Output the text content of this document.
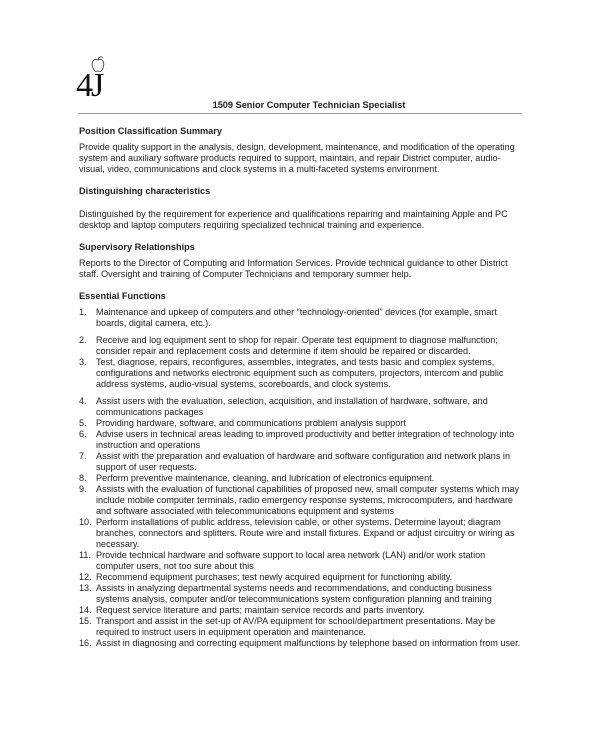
4J
1509 Senior Computer Technician Specialist
Position Classification Summary

Provide quality support in the analysis, design, development, maintenance, and modification of the operating system and auxiliary software products required to support, maintain, and repair District computer, audio-visual, video, communications and clock systems in a multi-faceted systems environment.

Distinguishing characteristics

Distinguished by the requirement for experience and qualifications repairing and maintaining Apple and PC desktop and laptop computers requiring specialized technical training and experience.

Supervisory Relationships

Reports to the Director of Computing and Information Services. Provide technical guidance to other District staff. Oversight and training of Computer Technicians and temporary summer help.

Essential Functions
1.	Maintenance and upkeep of computers and other “technology-oriented” devices (for example, smart boards, digital camera, etc.).
2.	Receive and log equipment sent to shop for repair. Operate test equipment to diagnose malfunction; consider repair and replacement costs and determine if item should be repaired or discarded.
3.	Test, diagnose, repairs, reconfigures, assembles, integrates, and tests basic and complex systems, configurations and networks electronic equipment such as computers, projectors, intercom and public address systems, audio-visual systems, scoreboards, and clock systems.
4.	Assist users with the evaluation, selection, acquisition, and installation of hardware, software, and communications packages
5.	Providing hardware, software, and communications problem analysis support
6.	Advise users in technical areas leading to improved productivity and better integration of technology into instruction and operations
7.	Assist with the preparation and evaluation of hardware and software configuration and network plans in support of user requests.
8.	Perform preventive maintenance, cleaning, and lubrication of electronics equipment.
9.	Assists with the evaluation of functional capabilities of proposed new, small computer systems which may include mobile computer terminals, radio emergency response systems, microcomputers, and hardware and software associated with telecommunications equipment and systems
10. Perform installations of public address, television cable, or other systems. Determine layout; diagram branches, connectors and splitters. Route wire and install fixtures. Expand or adjust circuitry or wiring as necessary.
11. Provide technical hardware and software support to local area network (LAN) and/or work station computer users, not too sure about this
12. Recommend equipment purchases; test newly acquired equipment for functioning ability.
13. Assists in analyzing departmental systems needs and recommendations, and conducting business systems analysis, computer and/or telecommunications system configuration planning and training
14. Request service literature and parts; maintain service records and parts inventory.
15. Transport and assist in the set-up of AV/PA equipment for school/department presentations. May be required to instruct users in equipment operation and maintenance.
16. Assist in diagnosing and correcting equipment malfunctions by telephone based on information from user.
